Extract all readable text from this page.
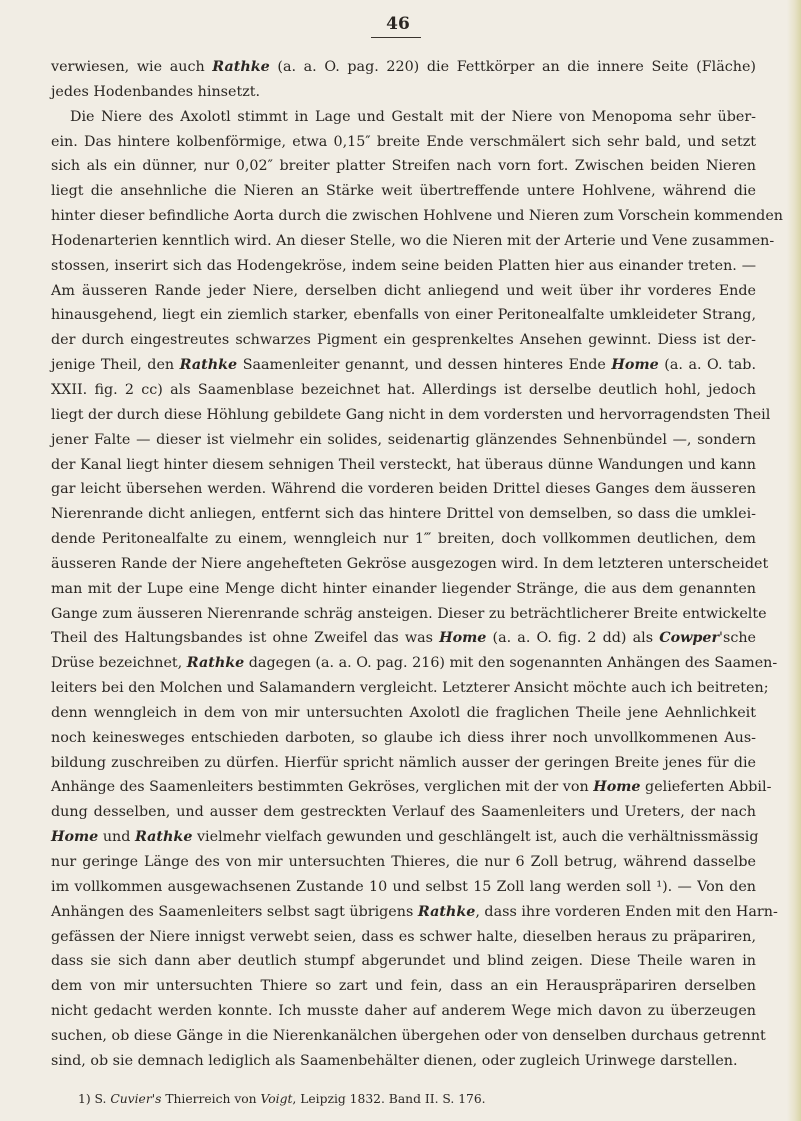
46
verwiesen, wie auch Rathke (a. a. O. pag. 220) die Fettkörper an die innere Seite (Fläche)
jedes Hodenbandes hinsetzt.
Die Niere des Axolotl stimmt in Lage und Gestalt mit der Niere von Menopoma sehr über-
ein. Das hintere kolbenförmige, etwa 0,15″ breite Ende verschmälert sich sehr bald, und setzt
sich als ein dünner, nur 0,02″ breiter platter Streifen nach vorn fort. Zwischen beiden Nieren
liegt die ansehnliche die Nieren an Stärke weit übertreffende untere Hohlvene, während die
hinter dieser befindliche Aorta durch die zwischen Hohlvene und Nieren zum Vorschein kommenden
Hodenarterien kenntlich wird. An dieser Stelle, wo die Nieren mit der Arterie und Vene zusammen-
stossen, inserirt sich das Hodengekröse, indem seine beiden Platten hier aus einander treten. —
Am äusseren Rande jeder Niere, derselben dicht anliegend und weit über ihr vorderes Ende
hinausgehend, liegt ein ziemlich starker, ebenfalls von einer Peritonealfalte umkleideter Strang,
der durch eingestreutes schwarzes Pigment ein gesprenkeltes Ansehen gewinnt. Diess ist der-
jenige Theil, den Rathke Saamenleiter genannt, und dessen hinteres Ende Home (a. a. O. tab.
XXII. fig. 2 cc) als Saamenblase bezeichnet hat. Allerdings ist derselbe deutlich hohl, jedoch
liegt der durch diese Höhlung gebildete Gang nicht in dem vordersten und hervorragendsten Theil
jener Falte — dieser ist vielmehr ein solides, seidenartig glänzendes Sehnenbündel —, sondern
der Kanal liegt hinter diesem sehnigen Theil versteckt, hat überaus dünne Wandungen und kann
gar leicht übersehen werden. Während die vorderen beiden Drittel dieses Ganges dem äusseren
Nierenrande dicht anliegen, entfernt sich das hintere Drittel von demselben, so dass die umklei-
dende Peritonealfalte zu einem, wenngleich nur 1‴ breiten, doch vollkommen deutlichen, dem
äusseren Rande der Niere angehefteten Gekröse ausgezogen wird. In dem letzteren unterscheidet
man mit der Lupe eine Menge dicht hinter einander liegender Stränge, die aus dem genannten
Gange zum äusseren Nierenrande schräg ansteigen. Dieser zu beträchtlicherer Breite entwickelte
Theil des Haltungsbandes ist ohne Zweifel das was Home (a. a. O. fig. 2 dd) als Cowper'sche
Drüse bezeichnet, Rathke dagegen (a. a. O. pag. 216) mit den sogenannten Anhängen des Saamen-
leiters bei den Molchen und Salamandern vergleicht. Letzterer Ansicht möchte auch ich beitreten;
denn wenngleich in dem von mir untersuchten Axolotl die fraglichen Theile jene Aehnlichkeit
noch keinesweges entschieden darboten, so glaube ich diess ihrer noch unvollkommenen Aus-
bildung zuschreiben zu dürfen. Hierfür spricht nämlich ausser der geringen Breite jenes für die
Anhänge des Saamenleiters bestimmten Gekröses, verglichen mit der von Home gelieferten Abbil-
dung desselben, und ausser dem gestreckten Verlauf des Saamenleiters und Ureters, der nach
Home und Rathke vielmehr vielfach gewunden und geschlängelt ist, auch die verhältnissmässig
nur geringe Länge des von mir untersuchten Thieres, die nur 6 Zoll betrug, während dasselbe
im vollkommen ausgewachsenen Zustande 10 und selbst 15 Zoll lang werden soll ¹). — Von den
Anhängen des Saamenleiters selbst sagt übrigens Rathke, dass ihre vorderen Enden mit den Harn-
gefässen der Niere innigst verwebt seien, dass es schwer halte, dieselben heraus zu präpariren,
dass sie sich dann aber deutlich stumpf abgerundet und blind zeigen. Diese Theile waren in
dem von mir untersuchten Thiere so zart und fein, dass an ein Herauspräpariren derselben
nicht gedacht werden konnte. Ich musste daher auf anderem Wege mich davon zu überzeugen
suchen, ob diese Gänge in die Nierenkanälchen übergehen oder von denselben durchaus getrennt
sind, ob sie demnach lediglich als Saamenbehälter dienen, oder zugleich Urinwege darstellen.
1) S. Cuvier's Thierreich von Voigt, Leipzig 1832. Band II. S. 176.
